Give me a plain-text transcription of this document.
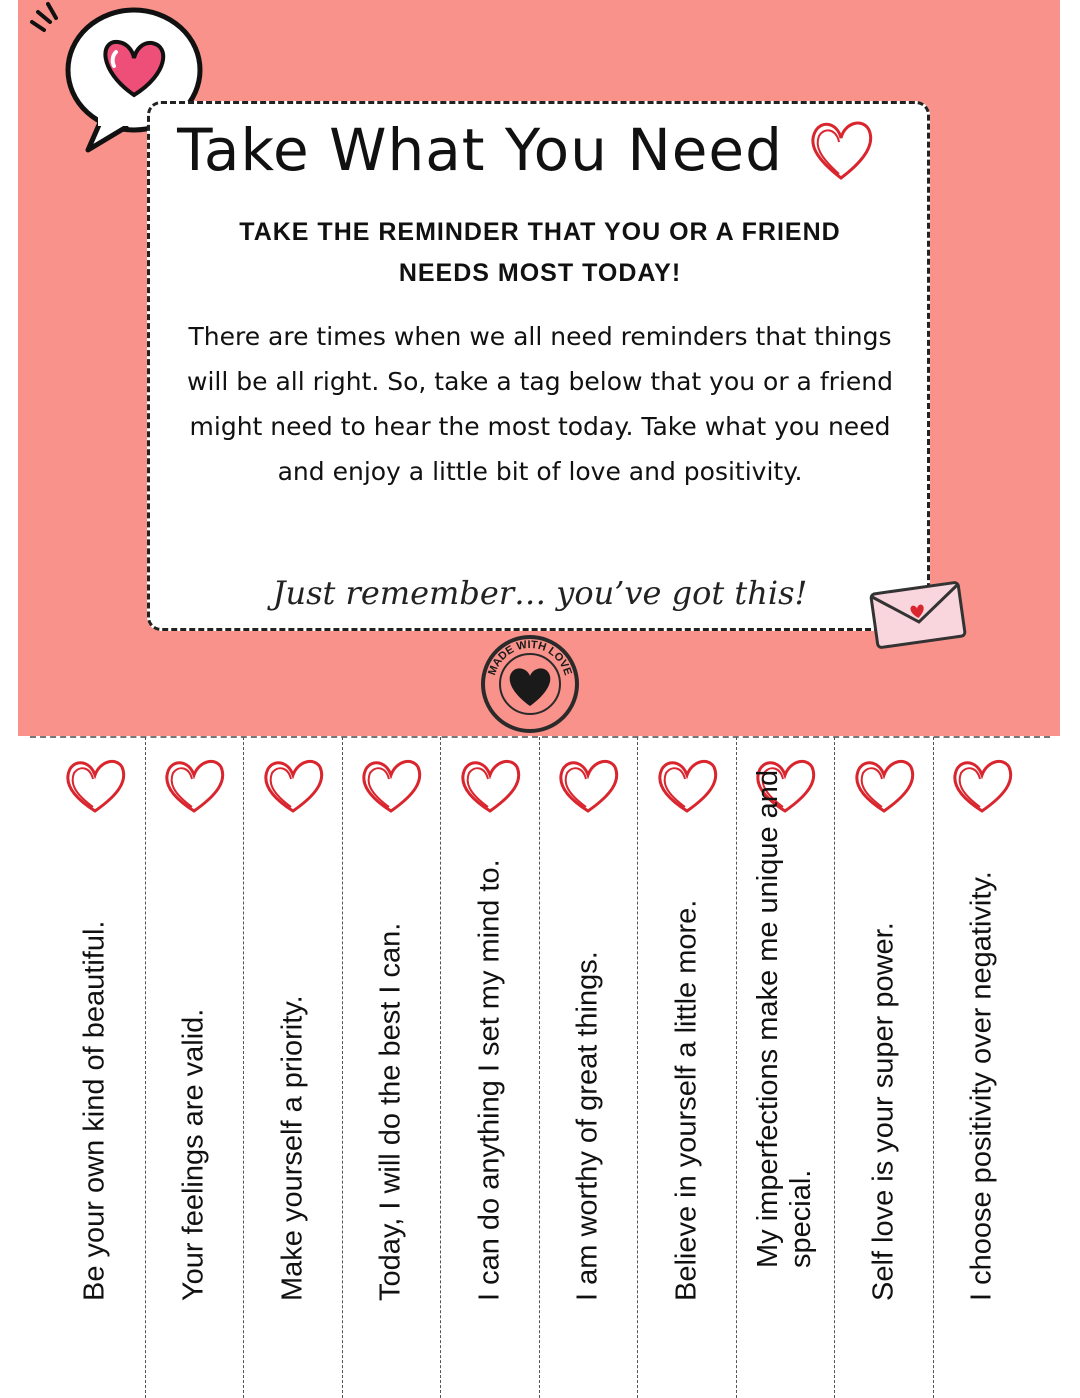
Take What You Need
TAKE THE REMINDER THAT YOU OR A FRIEND NEEDS MOST TODAY!
There are times when we all need reminders that things will be all right. So, take a tag below that you or a friend might need to hear the most today. Take what you need and enjoy a little bit of love and positivity.
Just remember… you’ve got this!
MADE WITH LOVE
Be your own kind of beautiful. Your feelings are valid. Make yourself a priority. Today, I will do the best I can. I can do anything I set my mind to. I am worthy of great things. Believe in yourself a little more. My imperfections make me unique and special. Self love is your super power. I choose positivity over negativity.
